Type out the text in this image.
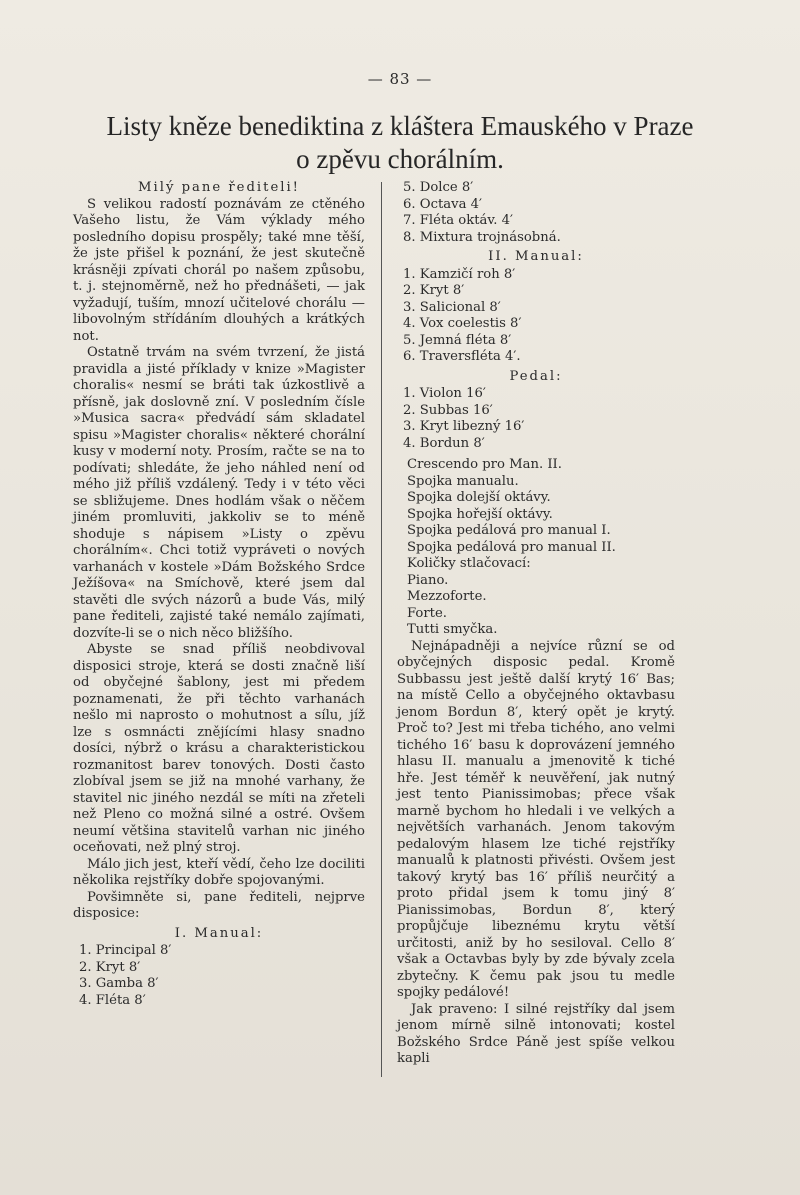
— 83 —
Listy kněze benediktina z kláštera Emauského v Praze
o zpěvu chorálním.

Milý pane řediteli!

S velikou radostí poznávám ze ctěného Vašeho listu, že Vám výklady mého posledního dopisu prospěly; také mne těší, že jste přišel k poznání, že jest skutečně krásněji zpívati chorál po našem způsobu, t. j. stejnoměrně, než ho přednášeti, — jak vyžadují, tuším, mnozí učitelové chorálu — libovolným střídáním dlouhých a krátkých not.

Ostatně trvám na svém tvrzení, že jistá pravidla a jisté příklady v knize »Magister choralis« nesmí se bráti tak úzkostlivě a přísně, jak doslovně zní. V posledním čísle »Musica sacra« předvádí sám skladatel spisu »Magister choralis« některé chorální kusy v moderní noty. Prosím, račte se na to podívati; shledáte, že jeho náhled není od mého již příliš vzdálený. Tedy i v této věci se sbližujeme. Dnes hodlám však o něčem jiném promluviti, jakkoliv se to méně shoduje s nápisem »Listy o zpěvu chorálním«. Chci totiž vypráveti o nových varhanách v kostele »Dám Božského Srdce Ježíšova« na Smíchově, které jsem dal stavěti dle svých názorů a bude Vás, milý pane řediteli, zajisté také nemálo zajímati, dozvíte-li se o nich něco bližšího.

Abyste se snad příliš neobdivoval disposici stroje, která se dosti značně liší od obyčejné šablony, jest mi předem poznamenati, že při těchto varhanách nešlo mi naprosto o mohutnost a sílu, jíž lze s osmnácti znějícími hlasy snadno dosíci, nýbrž o krásu a charakteristickou rozmanitost barev tonových. Dosti často zlobíval jsem se již na mnohé varhany, že stavitel nic jiného nezdál se míti na zřeteli než Pleno co možná silné a ostré. Ovšem neumí většina stavitelů varhan nic jiného oceňovati, než plný stroj.

Málo jich jest, kteří vědí, čeho lze dociliti několika rejstříky dobře spojovanými.

Povšimněte si, pane řediteli, nejprve disposice:

I. Manual:

1. Principal 8′
2. Kryt 8′
3. Gamba 8′
4. Fléta 8′
5. Dolce 8′
6. Octava 4′
7. Fléta oktáv. 4′
8. Mixtura trojnásobná.

II. Manual:

1. Kamzičí roh 8′
2. Kryt 8′
3. Salicional 8′
4. Vox coelestis 8′
5. Jemná fléta 8′
6. Traversfléta 4′.

Pedal:

1. Violon 16′
2. Subbas 16′
3. Kryt libezný 16′
4. Bordun 8′

Crescendo pro Man. II.

Spojka manualu.

Spojka dolejší oktávy.

Spojka hořejší oktávy.

Spojka pedálová pro manual I.

Spojka pedálová pro manual II.

Količky stlačovací:

Piano.

Mezzoforte.

Forte.

Tutti smyčka.

Nejnápadněji a nejvíce různí se od obyčejných disposic pedal. Kromě Subbassu jest ještě další krytý 16′ Bas; na místě Cello a obyčejného oktavbasu jenom Bordun 8′, který opět je krytý. Proč to? Jest mi třeba tichého, ano velmi tichého 16′ basu k doprovázení jemného hlasu II. manualu a jmenovitě k tiché hře. Jest téměř k neuvěření, jak nutný jest tento Pianissimobas; přece však marně bychom ho hledali i ve velkých a největších varhanách. Jenom takovým pedalovým hlasem lze tiché rejstříky manualů k platnosti přivésti. Ovšem jest takový krytý bas 16′ příliš neurčitý a proto přidal jsem k tomu jiný 8′ Pianissimobas, Bordun 8′, který propůjčuje libeznému krytu větší určitosti, aniž by ho sesiloval. Cello 8′ však a Octavbas byly by zde bývaly zcela zbytečny. K čemu pak jsou tu medle spojky pedálové!

Jak praveno: I silné rejstříky dal jsem jenom mírně silně intonovati; kostel Božského Srdce Páně jest spíše velkou kapli
